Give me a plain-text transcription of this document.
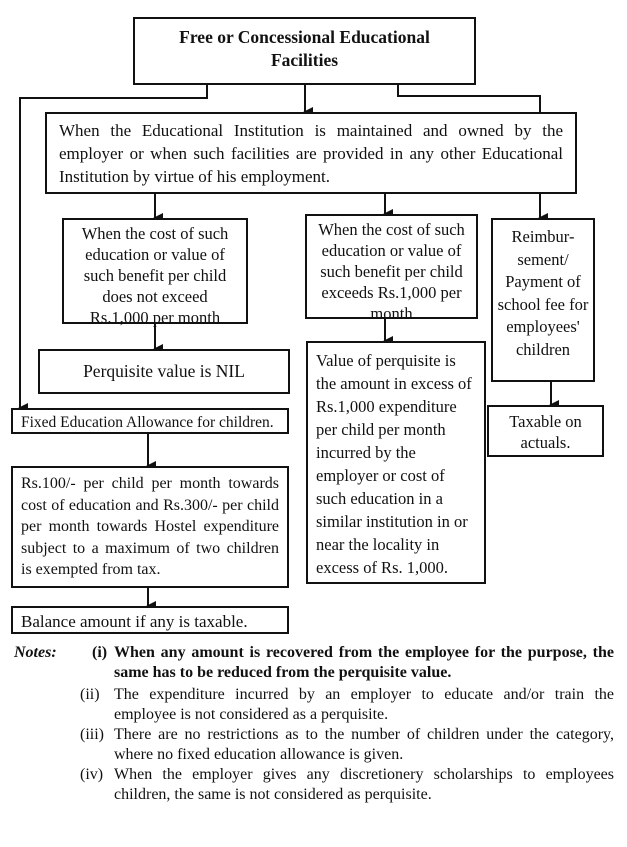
Free or Concessional Educational Facilities
When the Educational Institution is maintained and owned by the employer or when such facilities are provided in any other Educational Institution by virtue of his employment.
When the cost of such education or value of such benefit per child does not exceed Rs.1,000 per month
When the cost of such education or value of such benefit per child exceeds Rs.1,000 per month
Reimbur-sement/ Payment of school fee for employees' children
Perquisite value is NIL
Value of perquisite is the amount in excess of Rs.1,000 expenditure per child per month incurred by the employer or cost of such education in a similar institution in or near the locality in excess of Rs. 1,000.
Taxable on actuals.
Fixed Education Allowance for children.
Rs.100/- per child per month towards cost of education and Rs.300/- per child per month towards Hostel expenditure subject to a maximum of two children is exempted from tax.
Balance amount if any is taxable.
Notes: (i) When any amount is recovered from the employee for the purpose, the same has to be reduced from the perquisite value.
(ii) The expenditure incurred by an employer to educate and/or train the employee is not considered as a perquisite.
(iii) There are no restrictions as to the number of children under the category, where no fixed education allowance is given.
(iv) When the employer gives any discretionery scholarships to employees children, the same is not considered as perquisite.
